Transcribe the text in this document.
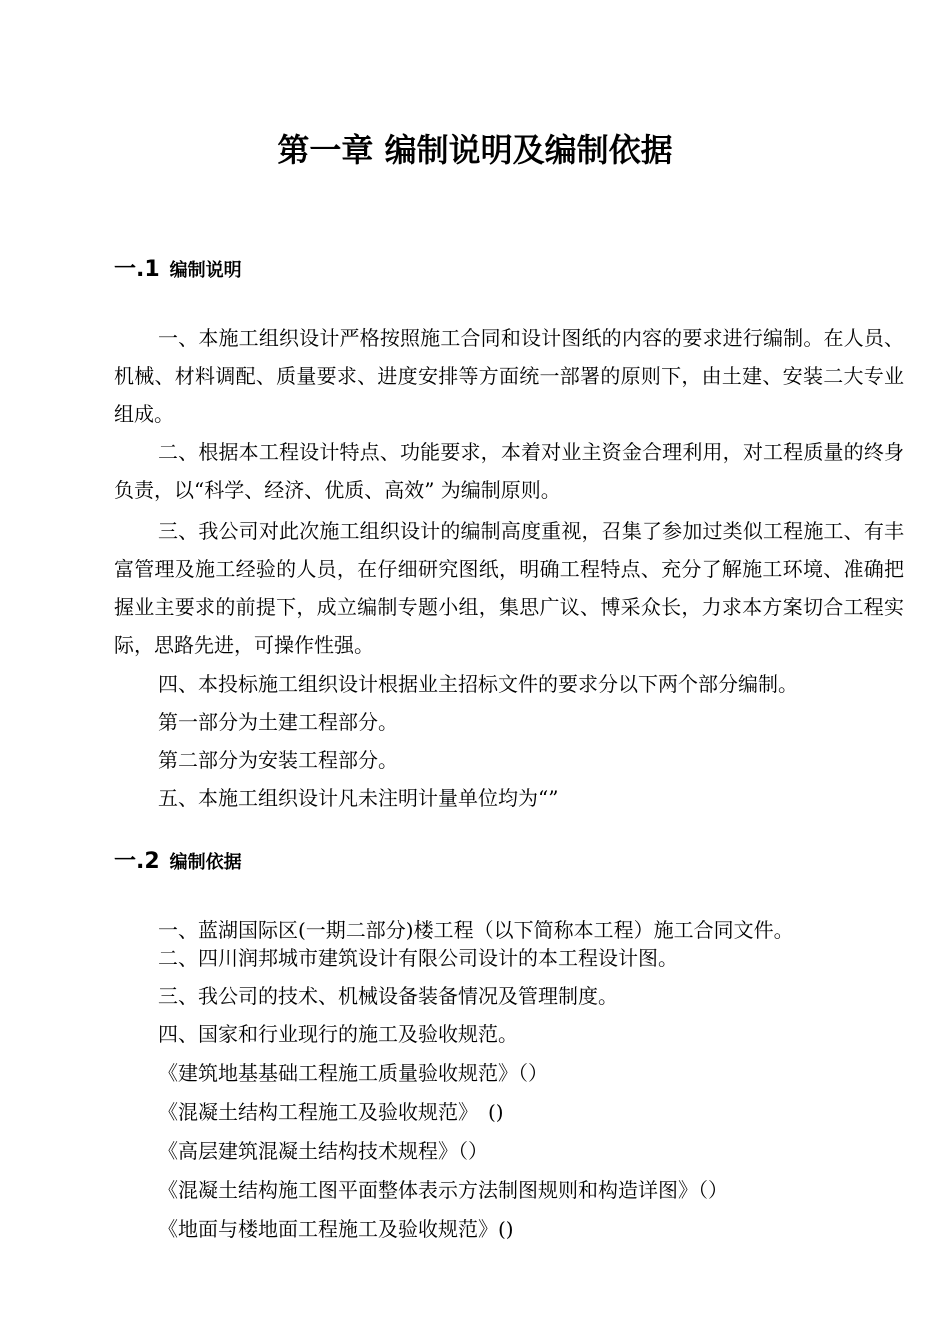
第一章 编制说明及编制依据
一.1 编制说明

一、本施工组织设计严格按照施工合同和设计图纸的内容的要求进行编制。在人员、机械、材料调配、质量要求、进度安排等方面统一部署的原则下，由土建、安装二大专业组成。

二、根据本工程设计特点、功能要求，本着对业主资金合理利用，对工程质量的终身负责，以“科学、经济、优质、高效” 为编制原则。

三、我公司对此次施工组织设计的编制高度重视，召集了参加过类似工程施工、有丰富管理及施工经验的人员，在仔细研究图纸，明确工程特点、充分了解施工环境、准确把握业主要求的前提下，成立编制专题小组，集思广议、博采众长，力求本方案切合工程实际，思路先进，可操作性强。

四、本投标施工组织设计根据业主招标文件的要求分以下两个部分编制。

第一部分为土建工程部分。

第二部分为安装工程部分。

五、本施工组织设计凡未注明计量单位均为“”

一.2 编制依据

一、蓝湖国际区(一期二部分)楼工程（以下简称本工程）施工合同文件。

二、四川润邦城市建筑设计有限公司设计的本工程设计图。

三、我公司的技术、机械设备装备情况及管理制度。

四、国家和行业现行的施工及验收规范。

《建筑地基基础工程施工质量验收规范》（）

《混凝土结构工程施工及验收规范》　()

《高层建筑混凝土结构技术规程》（）

《混凝土结构施工图平面整体表示方法制图规则和构造详图》（）

《地面与楼地面工程施工及验收规范》()
